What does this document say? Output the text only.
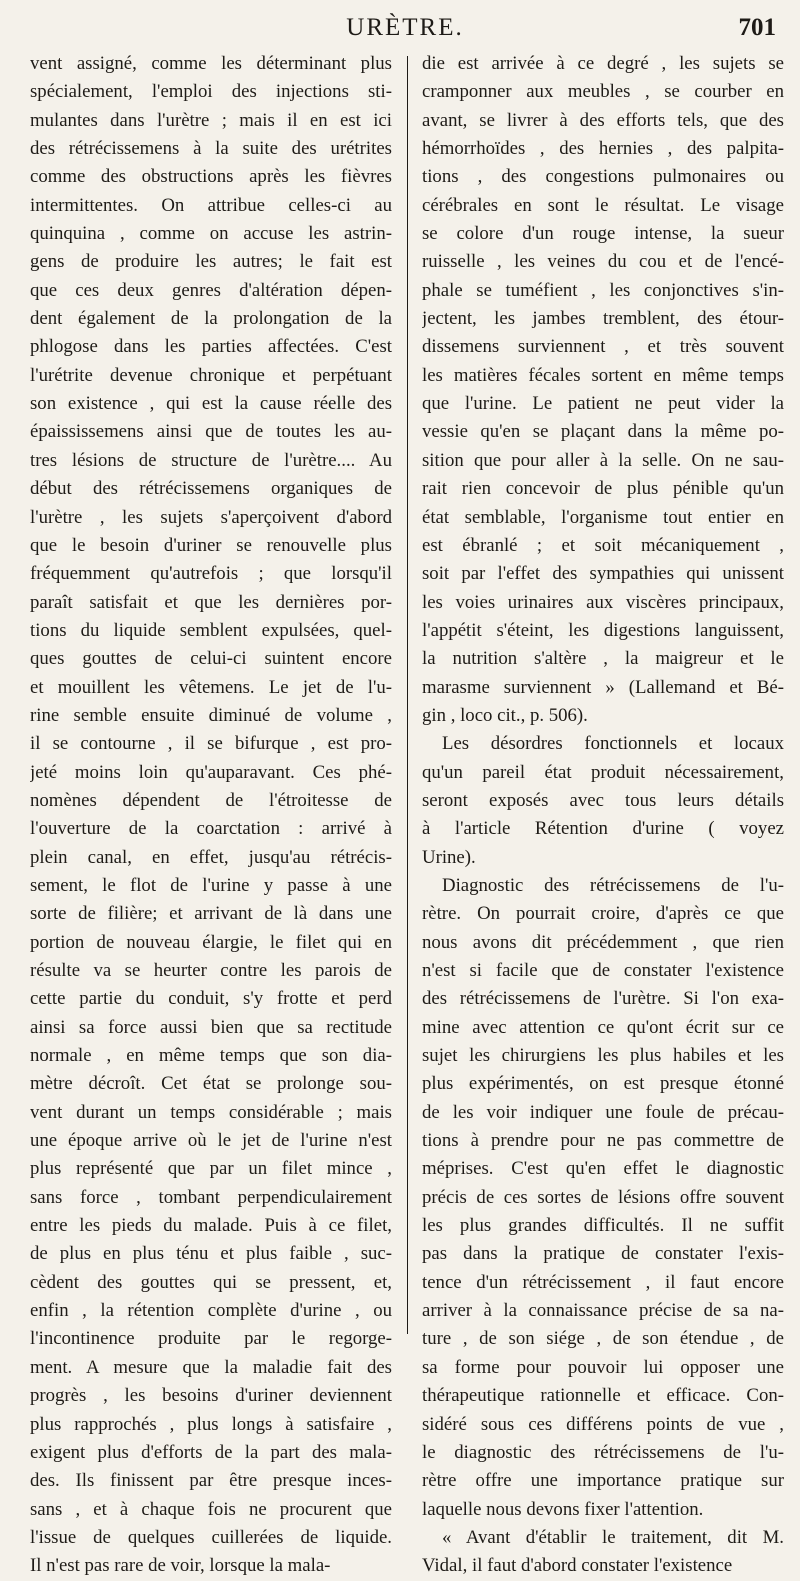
URÈTRE.	701
vent assigné, comme les déterminant plus
spécialement, l'emploi des injections sti-
mulantes dans l'urètre ; mais il en est ici
des rétrécissemens à la suite des urétrites
comme des obstructions après les fièvres
intermittentes. On attribue celles-ci au
quinquina , comme on accuse les astrin-
gens de produire les autres; le fait est
que ces deux genres d'altération dépen-
dent également de la prolongation de la
phlogose dans les parties affectées. C'est
l'urétrite devenue chronique et perpétuant
son existence , qui est la cause réelle des
épaississemens ainsi que de toutes les au-
tres lésions de structure de l'urètre.... Au
début des rétrécissemens organiques de
l'urètre , les sujets s'aperçoivent d'abord
que le besoin d'uriner se renouvelle plus
fréquemment qu'autrefois ; que lorsqu'il
paraît satisfait et que les dernières por-
tions du liquide semblent expulsées, quel-
ques gouttes de celui-ci suintent encore
et mouillent les vêtemens. Le jet de l'u-
rine semble ensuite diminué de volume ,
il se contourne , il se bifurque , est pro-
jeté moins loin qu'auparavant. Ces phé-
nomènes dépendent de l'étroitesse de
l'ouverture de la coarctation : arrivé à
plein canal, en effet, jusqu'au rétrécis-
sement, le flot de l'urine y passe à une
sorte de filière; et arrivant de là dans une
portion de nouveau élargie, le filet qui en
résulte va se heurter contre les parois de
cette partie du conduit, s'y frotte et perd
ainsi sa force aussi bien que sa rectitude
normale , en même temps que son dia-
mètre décroît. Cet état se prolonge sou-
vent durant un temps considérable ; mais
une époque arrive où le jet de l'urine n'est
plus représenté que par un filet mince ,
sans force , tombant perpendiculairement
entre les pieds du malade. Puis à ce filet,
de plus en plus ténu et plus faible , suc-
cèdent des gouttes qui se pressent, et,
enfin , la rétention complète d'urine , ou
l'incontinence produite par le regorge-
ment. A mesure que la maladie fait des
progrès , les besoins d'uriner deviennent
plus rapprochés , plus longs à satisfaire ,
exigent plus d'efforts de la part des mala-
des. Ils finissent par être presque inces-
sans , et à chaque fois ne procurent que
l'issue de quelques cuillerées de liquide.
Il n'est pas rare de voir, lorsque la mala-
die est arrivée à ce degré , les sujets se
cramponner aux meubles , se courber en
avant, se livrer à des efforts tels, que des
hémorrhoïdes , des hernies , des palpita-
tions , des congestions pulmonaires ou
cérébrales en sont le résultat. Le visage
se colore d'un rouge intense, la sueur
ruisselle , les veines du cou et de l'encé-
phale se tuméfient , les conjonctives s'in-
jectent, les jambes tremblent, des étour-
dissemens surviennent , et très souvent
les matières fécales sortent en même temps
que l'urine. Le patient ne peut vider la
vessie qu'en se plaçant dans la même po-
sition que pour aller à la selle. On ne sau-
rait rien concevoir de plus pénible qu'un
état semblable, l'organisme tout entier en
est ébranlé ; et soit mécaniquement ,
soit par l'effet des sympathies qui unissent
les voies urinaires aux viscères principaux,
l'appétit s'éteint, les digestions languissent,
la nutrition s'altère , la maigreur et le
marasme surviennent » (Lallemand et Bé-
gin , loco cit., p. 506).
Les désordres fonctionnels et locaux
qu'un pareil état produit nécessairement,
seront exposés avec tous leurs détails
à l'article Rétention d'urine ( voyez
Urine).
Diagnostic des rétrécissemens de l'u-
rètre. On pourrait croire, d'après ce que
nous avons dit précédemment , que rien
n'est si facile que de constater l'existence
des rétrécissemens de l'urètre. Si l'on exa-
mine avec attention ce qu'ont écrit sur ce
sujet les chirurgiens les plus habiles et les
plus expérimentés, on est presque étonné
de les voir indiquer une foule de précau-
tions à prendre pour ne pas commettre de
méprises. C'est qu'en effet le diagnostic
précis de ces sortes de lésions offre souvent
les plus grandes difficultés. Il ne suffit
pas dans la pratique de constater l'exis-
tence d'un rétrécissement , il faut encore
arriver à la connaissance précise de sa na-
ture , de son siége , de son étendue , de
sa forme pour pouvoir lui opposer une
thérapeutique rationnelle et efficace. Con-
sidéré sous ces différens points de vue ,
le diagnostic des rétrécissemens de l'u-
rètre offre une importance pratique sur
laquelle nous devons fixer l'attention.
« Avant d'établir le traitement, dit M.
Vidal, il faut d'abord constater l'existence
